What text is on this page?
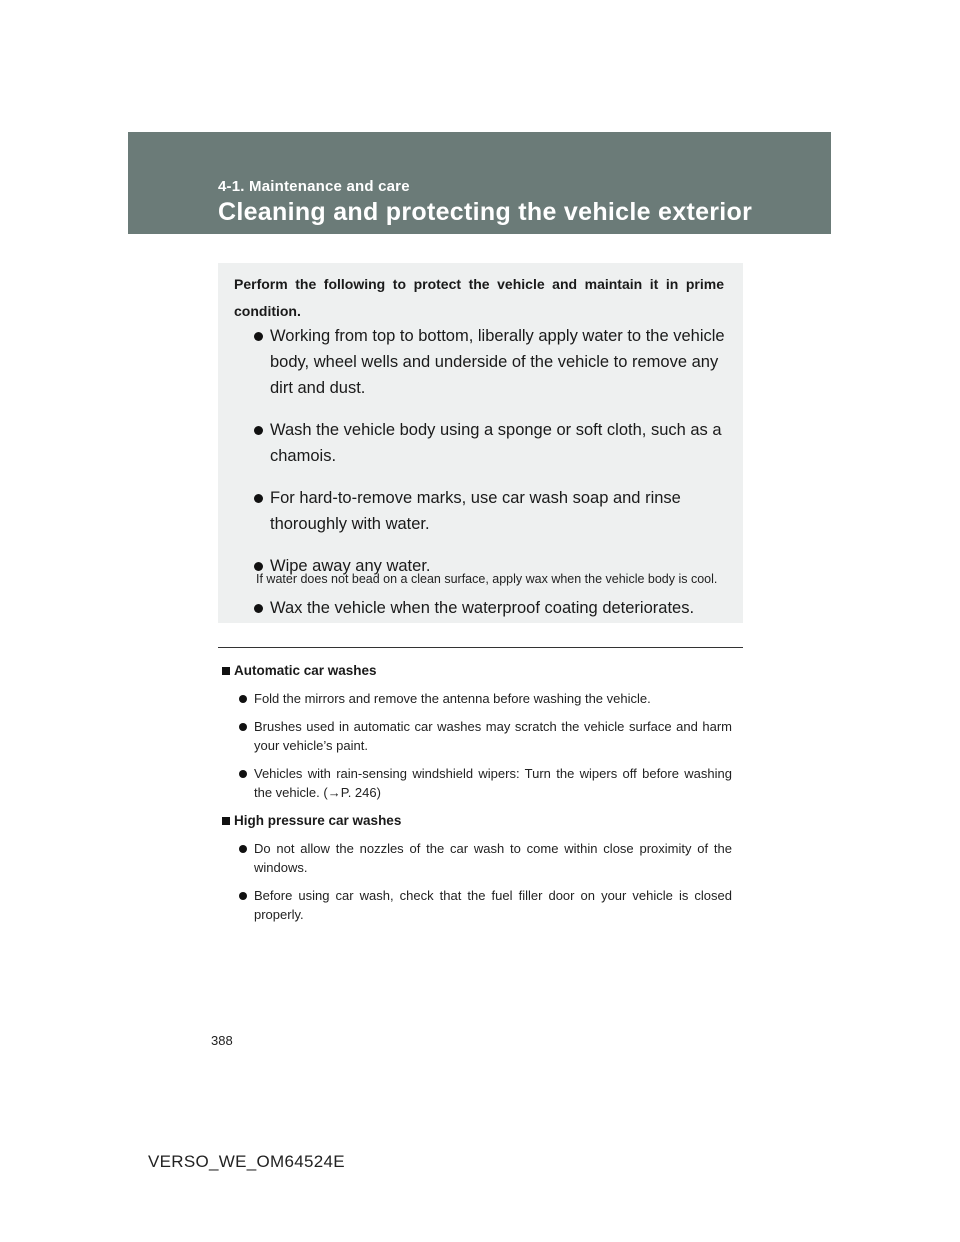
4-1. Maintenance and care
Cleaning and protecting the vehicle exterior
Perform the following to protect the vehicle and maintain it in prime condition.
Working from top to bottom, liberally apply water to the vehicle body, wheel wells and underside of the vehicle to remove any dirt and dust.
Wash the vehicle body using a sponge or soft cloth, such as a chamois.
For hard-to-remove marks, use car wash soap and rinse thoroughly with water.
Wipe away any water.
Wax the vehicle when the waterproof coating deteriorates.
If water does not bead on a clean surface, apply wax when the vehicle body is cool.
Automatic car washes
Fold the mirrors and remove the antenna before washing the vehicle.
Brushes used in automatic car washes may scratch the vehicle surface and harm your vehicle’s paint.
Vehicles with rain-sensing windshield wipers: Turn the wipers off before washing the vehicle. (→P. 246)
High pressure car washes
Do not allow the nozzles of the car wash to come within close proximity of the windows.
Before using car wash, check that the fuel filler door on your vehicle is closed properly.
388
VERSO_WE_OM64524E
